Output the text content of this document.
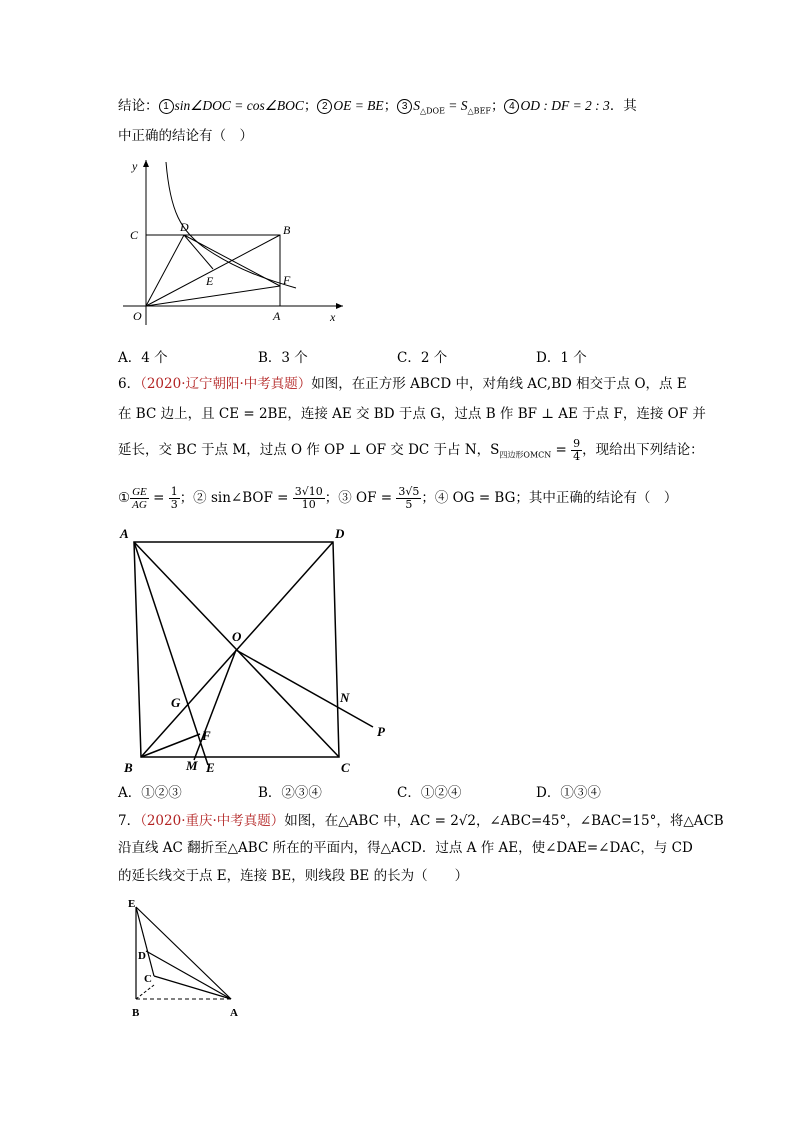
结论： 1 sin∠DOC = cos∠BOC； 2 OE = BE； 3 $S_{\triangle DOE} = S_{\triangle BEF}$； 4 OD : DF = 2 : 3．其
中正确的结论有（　）
y
x
O	A
B
C
D
E	F
A．4 个	B．3 个	C．2 个	D．1 个
6．（2020·辽宁朝阳·中考真题）如图，在正方形 ABCD 中，对角线 AC,BD 相交于点 O，点 E
在 BC 边上，且 CE = 2BE，连接 AE 交 BD 于点 G，过点 B 作 BF ⊥ AE 于点 F，连接 OF 并
延长，交 BC 于点 M，过点 O 作 OP ⊥ OF 交 DC 于占 N，$S_{四边形OMCN} = \frac{9}{4}$ ，现给出下列结论：
① $\frac{GE}{AG} = \frac{1}{3}$ ；② sin∠BOF = $\frac{3√10}{10}$ ；③ OF = $\frac{3√5}{5}$ ；④ OG = BG；其中正确的结论有（　）
A	D
B	C
O
G
F
N
P
M E
A．①②③	B．②③④	C．①②④	D．①③④
7．（2020·重庆·中考真题）如图，在△ABC 中，AC = 2√2，∠ABC=45°，∠BAC=15°，将△ACB
沿直线 AC 翻折至△ABC 所在的平面内，得△ACD．过点 A 作 AE，使∠DAE=∠DAC，与 CD
的延长线交于点 E，连接 BE，则线段 BE 的长为（　　）
E
D
C
B	A
